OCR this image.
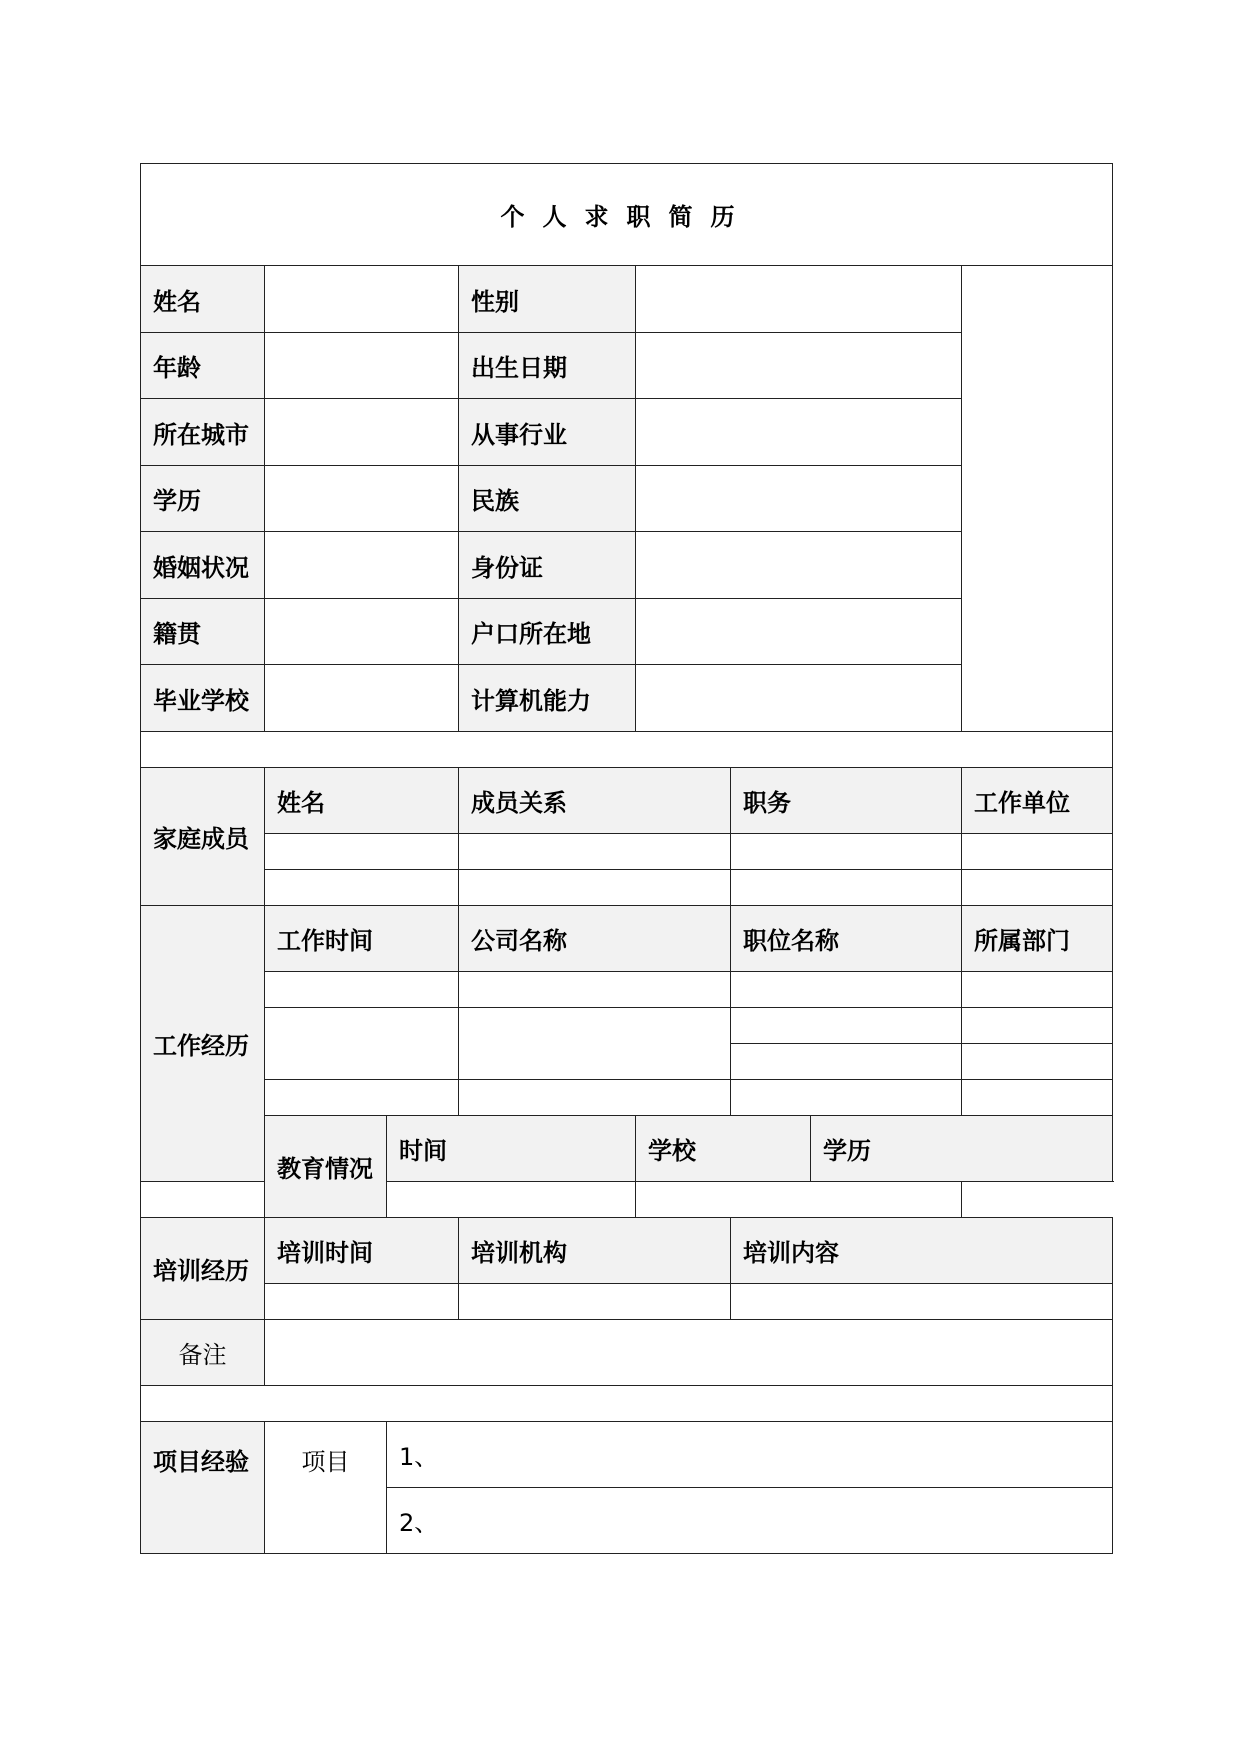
个人求职简历							
姓名			性别				
年龄			出生日期				
所在城市			从事行业				
学历			民族				
婚姻状况			身份证				
籍贯			户口所在地				
毕业学校			计算机能力				

家庭成员	姓名		成员关系		职务		工作单位

工作经历	工作时间		公司名称		职位名称		所属部门

	教育情况	时间		学校		学历	

培训经历	培训时间		培训机构		培训内容		

备注							

项目经验	项目	1、					
		2、					
